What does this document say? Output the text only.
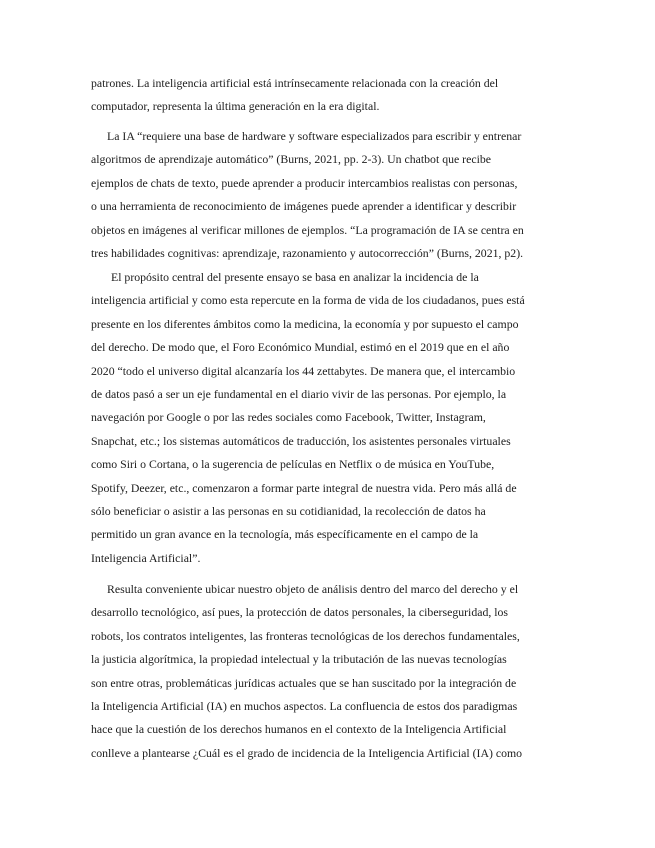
patrones. La inteligencia artificial está intrínsecamente relacionada con la creación del
computador, representa la última generación en la era digital.

La IA “requiere una base de hardware y software especializados para escribir y entrenar
algoritmos de aprendizaje automático” (Burns, 2021, pp. 2-3). Un chatbot que recibe
ejemplos de chats de texto, puede aprender a producir intercambios realistas con personas,
o una herramienta de reconocimiento de imágenes puede aprender a identificar y describir
objetos en imágenes al verificar millones de ejemplos. “La programación de IA se centra en
tres habilidades cognitivas: aprendizaje, razonamiento y autocorrección” (Burns, 2021, p2).

El propósito central del presente ensayo se basa en analizar la incidencia de la
inteligencia artificial y como esta repercute en la forma de vida de los ciudadanos, pues está
presente en los diferentes ámbitos como la medicina, la economía y por supuesto el campo
del derecho. De modo que, el Foro Económico Mundial, estimó en el 2019 que en el año
2020 “todo el universo digital alcanzaría los 44 zettabytes. De manera que, el intercambio
de datos pasó a ser un eje fundamental en el diario vivir de las personas. Por ejemplo, la
navegación por Google o por las redes sociales como Facebook, Twitter, Instagram,
Snapchat, etc.; los sistemas automáticos de traducción, los asistentes personales virtuales
como Siri o Cortana, o la sugerencia de películas en Netflix o de música en YouTube,
Spotify, Deezer, etc., comenzaron a formar parte integral de nuestra vida. Pero más allá de
sólo beneficiar o asistir a las personas en su cotidianidad, la recolección de datos ha
permitido un gran avance en la tecnología, más específicamente en el campo de la
Inteligencia Artificial”.

Resulta conveniente ubicar nuestro objeto de análisis dentro del marco del derecho y el
desarrollo tecnológico, así pues, la protección de datos personales, la ciberseguridad, los
robots, los contratos inteligentes, las fronteras tecnológicas de los derechos fundamentales,
la justicia algorítmica, la propiedad intelectual y la tributación de las nuevas tecnologías
son entre otras, problemáticas jurídicas actuales que se han suscitado por la integración de
la Inteligencia Artificial (IA) en muchos aspectos. La confluencia de estos dos paradigmas
hace que la cuestión de los derechos humanos en el contexto de la Inteligencia Artificial
conlleve a plantearse ¿Cuál es el grado de incidencia de la Inteligencia Artificial (IA) como
